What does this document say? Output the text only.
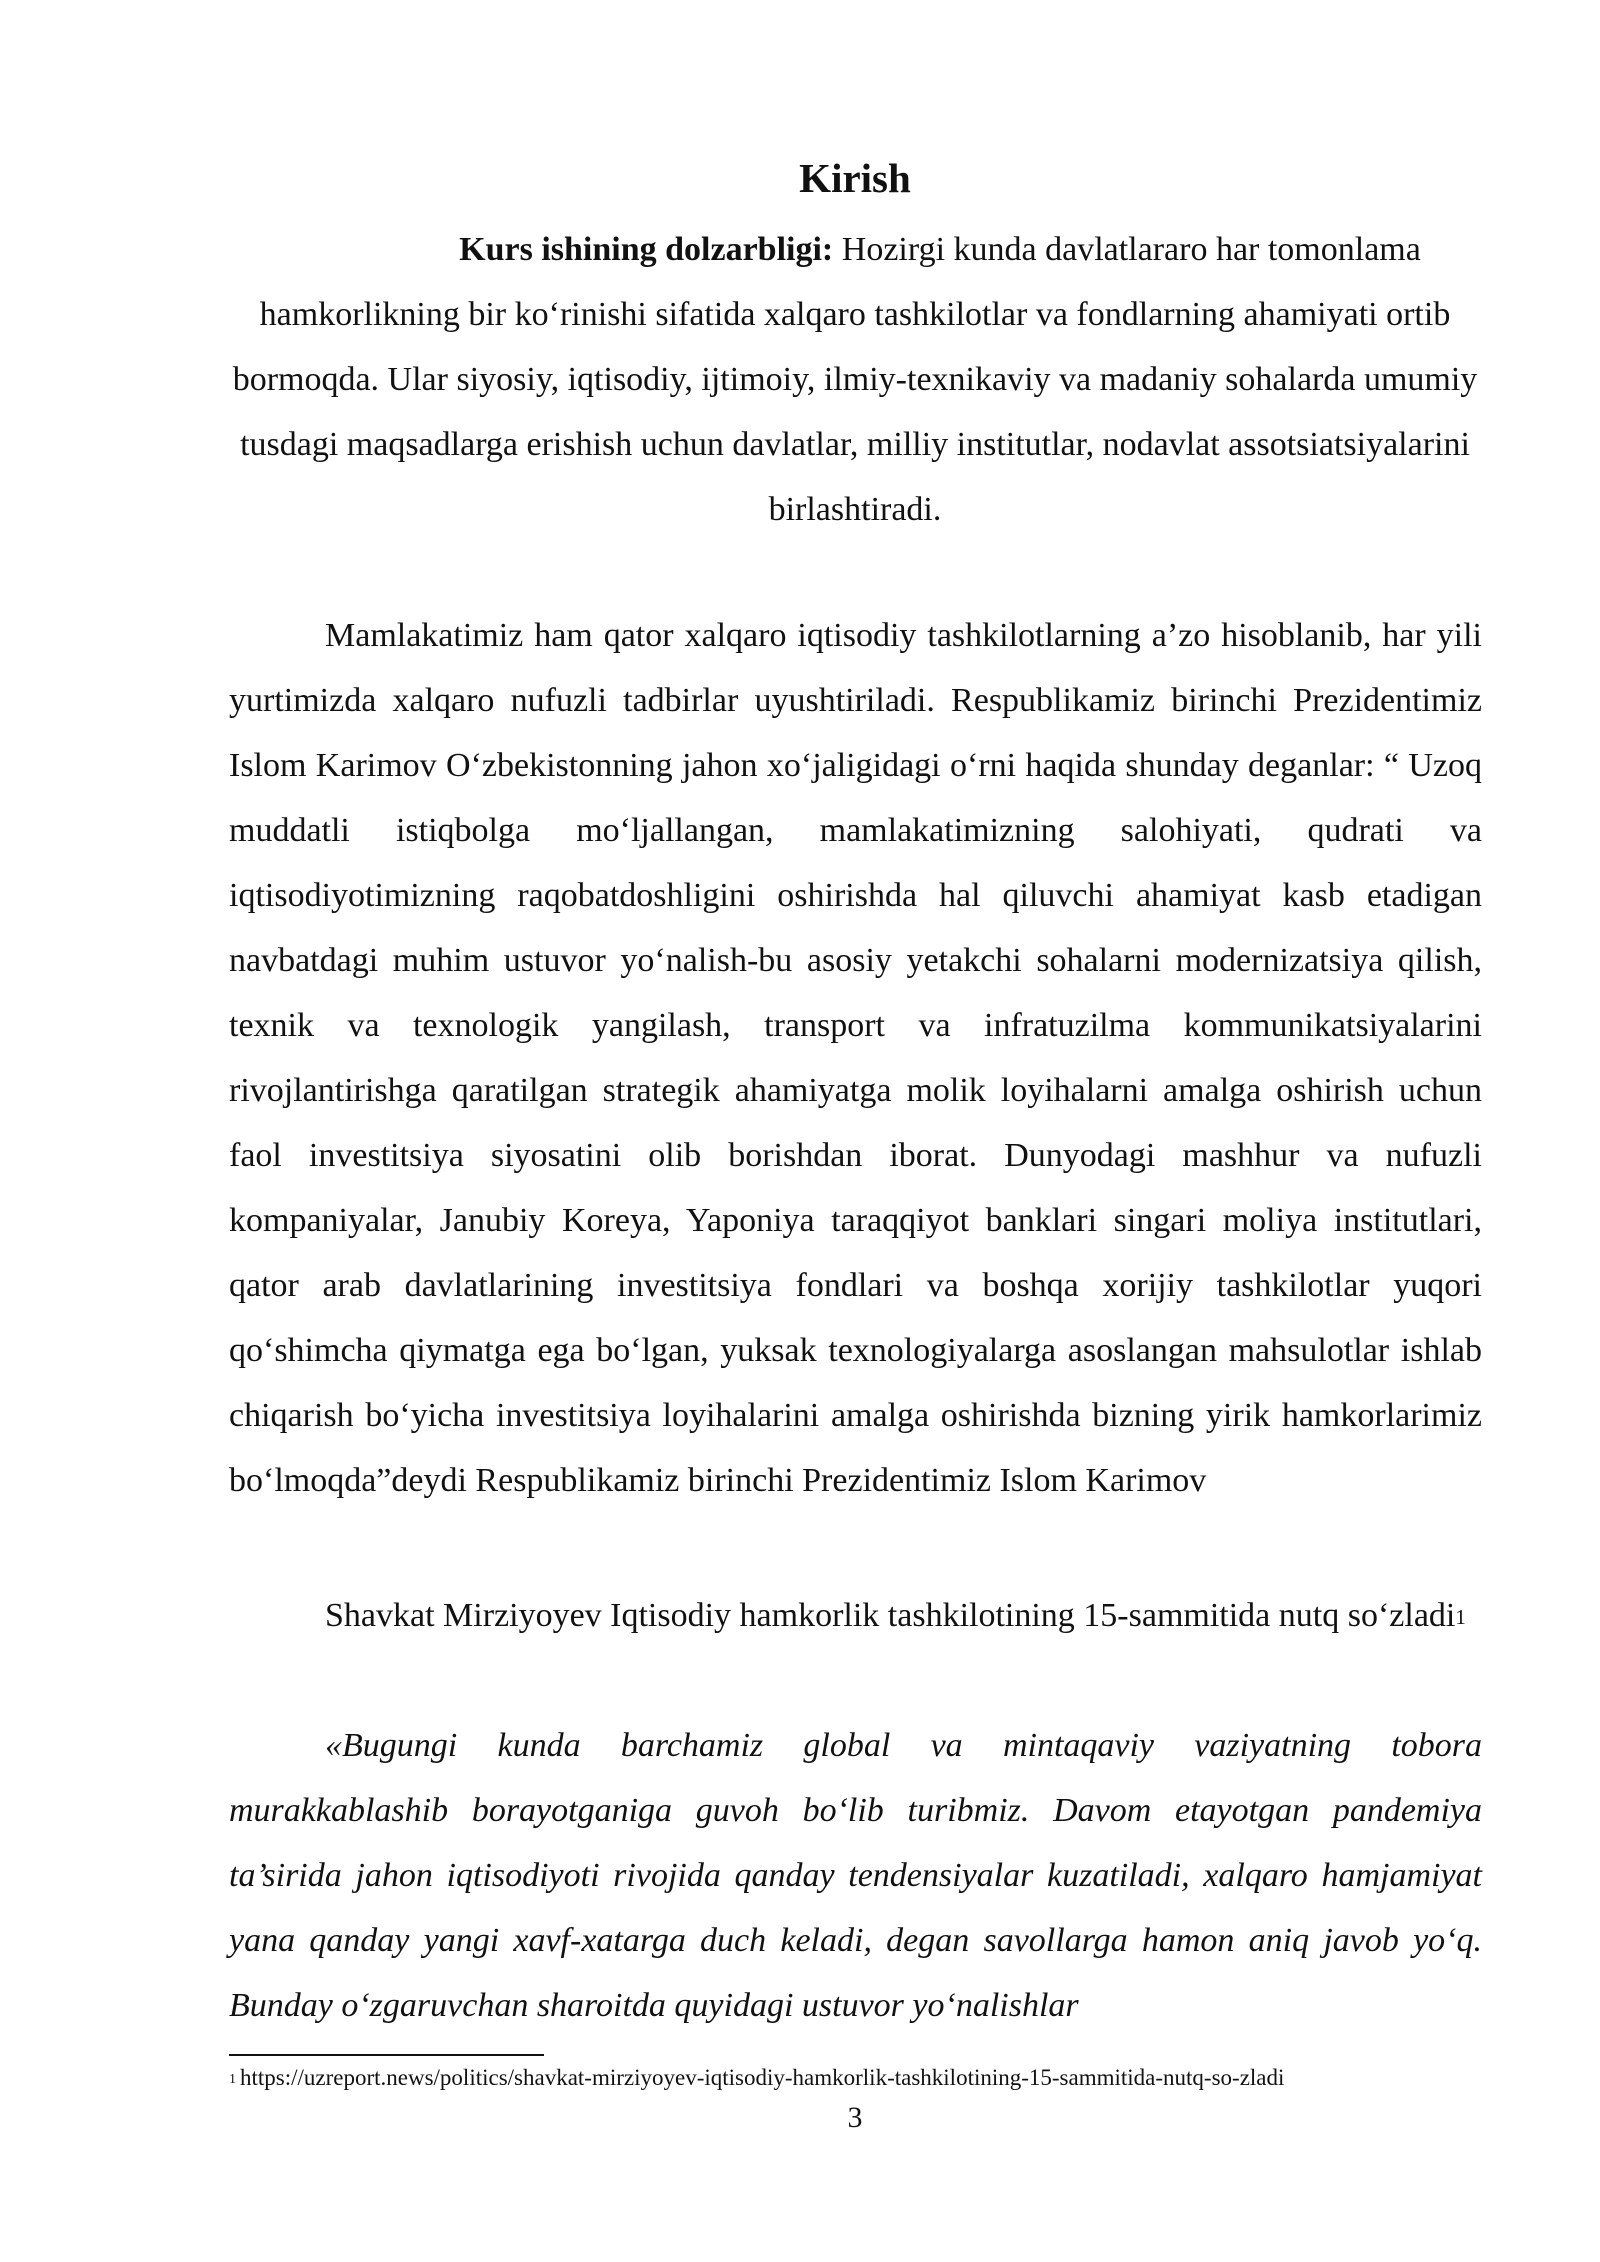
Kirish

Kurs ishining dolzarbligi: Hozirgi kunda davlatlararo har tomonlama hamkorlikning bir ko‘rinishi sifatida xalqaro tashkilotlar va fondlarning ahamiyati ortib bormoqda. Ular siyosiy, iqtisodiy, ijtimoiy, ilmiy-texnikaviy va madaniy sohalarda umumiy tusdagi maqsadlarga erishish uchun davlatlar, milliy institutlar, nodavlat assotsiatsiyalarini birlashtiradi.

Mamlakatimiz ham qator xalqaro iqtisodiy tashkilotlarning a’zo hisoblanib, har yili yurtimizda xalqaro nufuzli tadbirlar uyushtiriladi. Respublikamiz birinchi Prezidentimiz Islom Karimov O‘zbekistonning jahon xo‘jaligidagi o‘rni haqida shunday deganlar: “ Uzoq muddatli istiqbolga mo‘ljallangan, mamlakatimizning salohiyati, qudrati va iqtisodiyotimizning raqobatdoshligini oshirishda hal qiluvchi ahamiyat kasb etadigan navbatdagi muhim ustuvor yo‘nalish-bu asosiy yetakchi sohalarni modernizatsiya qilish, texnik va texnologik yangilash, transport va infratuzilma kommunikatsiyalarini rivojlantirishga qaratilgan strategik ahamiyatga molik loyihalarni amalga oshirish uchun faol investitsiya siyosatini olib borishdan iborat. Dunyodagi mashhur va nufuzli kompaniyalar, Janubiy Koreya, Yaponiya taraqqiyot banklari singari moliya institutlari, qator arab davlatlarining investitsiya fondlari va boshqa xorijiy tashkilotlar yuqori qo‘shimcha qiymatga ega bo‘lgan, yuksak texnologiyalarga asoslangan mahsulotlar ishlab chiqarish bo‘yicha investitsiya loyihalarini amalga oshirishda bizning yirik hamkorlarimiz bo‘lmoqda”deydi Respublikamiz birinchi Prezidentimiz Islom Karimov

Shavkat Mirziyoyev Iqtisodiy hamkorlik tashkilotining 15-sammitida nutq so‘zladi$^1$

«Bugungi kunda barchamiz global va mintaqaviy vaziyatning tobora murakkablashib borayotganiga guvoh bo‘lib turibmiz. Davom etayotgan pandemiya ta’sirida jahon iqtisodiyoti rivojida qanday tendensiyalar kuzatiladi, xalqaro hamjamiyat yana qanday yangi xavf-xatarga duch keladi, degan savollarga hamon aniq javob yo‘q. Bunday o‘zgaruvchan sharoitda quyidagi ustuvor yo‘nalishlar

$^1$ https://uzreport.news/politics/shavkat-mirziyoyev-iqtisodiy-hamkorlik-tashkilotining-15-sammitida-nutq-so-zladi

3
